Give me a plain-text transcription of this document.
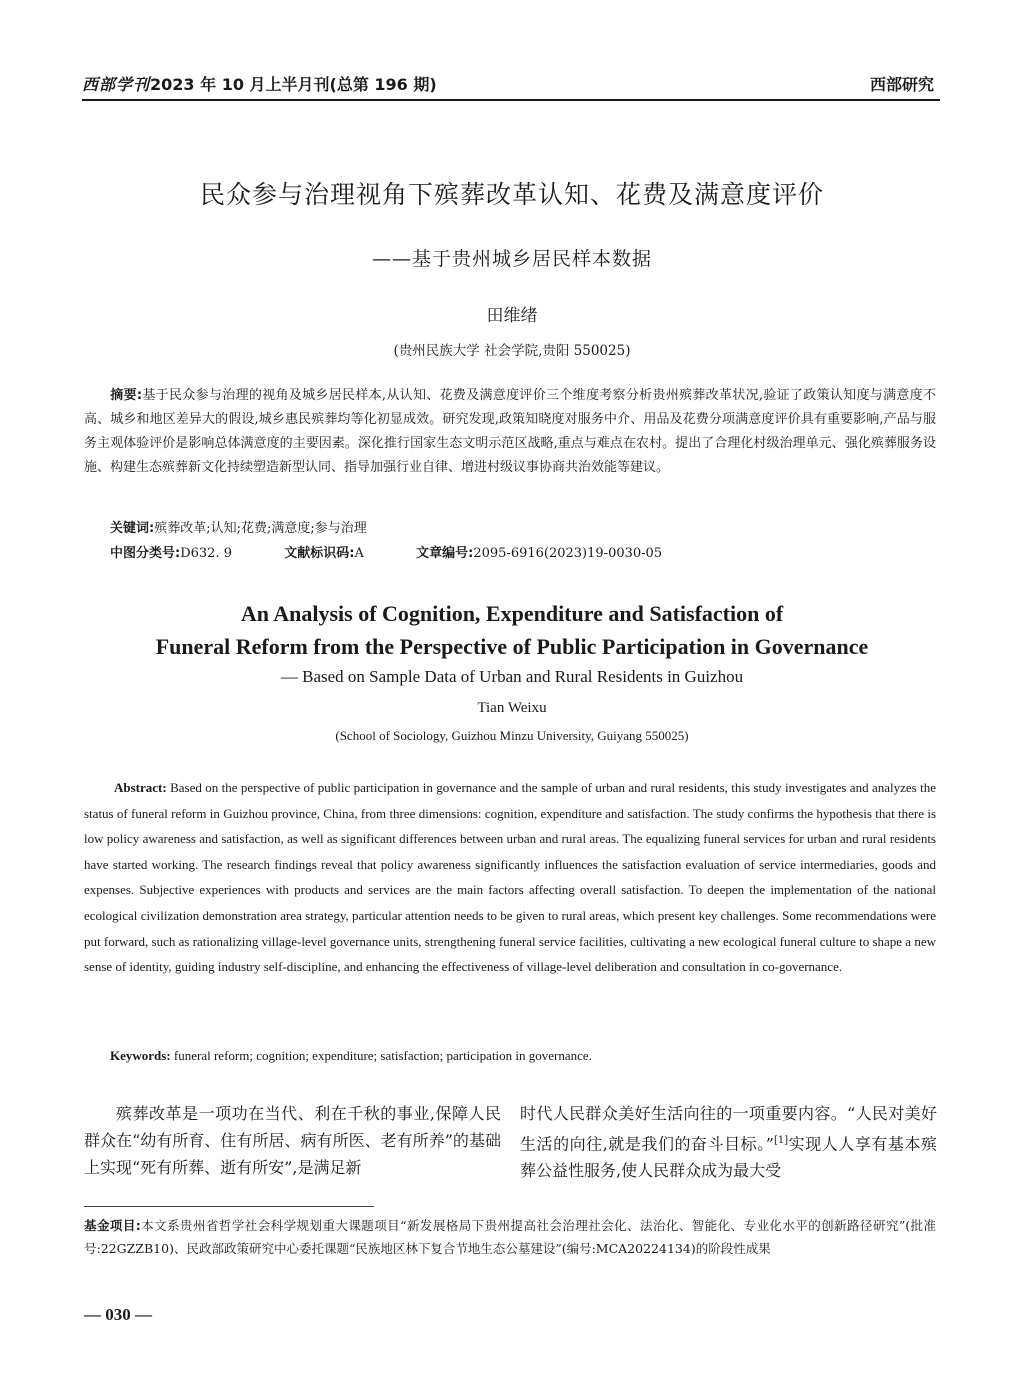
西部学刊2023 年 10 月上半月刊(总第 196 期)	西部研究
民众参与治理视角下殡葬改革认知、花费及满意度评价
——基于贵州城乡居民样本数据
田维绪
(贵州民族大学 社会学院,贵阳 550025)
摘要:基于民众参与治理的视角及城乡居民样本,从认知、花费及满意度评价三个维度考察分析贵州殡葬改革状况,验证了政策认知度与满意度不高、城乡和地区差异大的假设,城乡惠民殡葬均等化初显成效。研究发现,政策知晓度对服务中介、用品及花费分项满意度评价具有重要影响,产品与服务主观体验评价是影响总体满意度的主要因素。深化推行国家生态文明示范区战略,重点与难点在农村。提出了合理化村级治理单元、强化殡葬服务设施、构建生态殡葬新文化持续塑造新型认同、指导加强行业自律、增进村级议事协商共治效能等建议。
关键词:殡葬改革;认知;花费;满意度;参与治理
中图分类号:D632. 9	文献标识码:A	文章编号:2095-6916(2023)19-0030-05
An Analysis of Cognition, Expenditure and Satisfaction of
Funeral Reform from the Perspective of Public Participation in Governance
— Based on Sample Data of Urban and Rural Residents in Guizhou
Tian Weixu
(School of Sociology, Guizhou Minzu University, Guiyang 550025)
Abstract: Based on the perspective of public participation in governance and the sample of urban and rural residents, this study investigates and analyzes the status of funeral reform in Guizhou province, China, from three dimensions: cognition, expenditure and satisfaction. The study confirms the hypothesis that there is low policy awareness and satisfaction, as well as significant differences between urban and rural areas. The equalizing funeral services for urban and rural residents have started working. The research findings reveal that policy awareness significantly influences the satisfaction evaluation of service intermediaries, goods and expenses. Subjective experiences with products and services are the main factors affecting overall satisfaction. To deepen the implementation of the national ecological civilization demonstration area strategy, particular attention needs to be given to rural areas, which present key challenges. Some recommendations were put forward, such as rationalizing village-level governance units, strengthening funeral service facilities, cultivating a new ecological funeral culture to shape a new sense of identity, guiding industry self-discipline, and enhancing the effectiveness of village-level deliberation and consultation in co-governance.
Keywords: funeral reform; cognition; expenditure; satisfaction; participation in governance.
殡葬改革是一项功在当代、利在千秋的事业,保障人民群众在“幼有所育、住有所居、病有所医、老有所养”的基础上实现“死有所葬、逝有所安”,是满足新
时代人民群众美好生活向往的一项重要内容。“人民对美好生活的向往,就是我们的奋斗目标。”[1]实现人人享有基本殡葬公益性服务,使人民群众成为最大受
基金项目:本文系贵州省哲学社会科学规划重大课题项目“新发展格局下贵州提高社会治理社会化、法治化、智能化、专业化水平的创新路径研究”(批准号:22GZZB10)、民政部政策研究中心委托课题“民族地区林下复合节地生态公墓建设”(编号:MCA20224134)的阶段性成果
— 030 —
